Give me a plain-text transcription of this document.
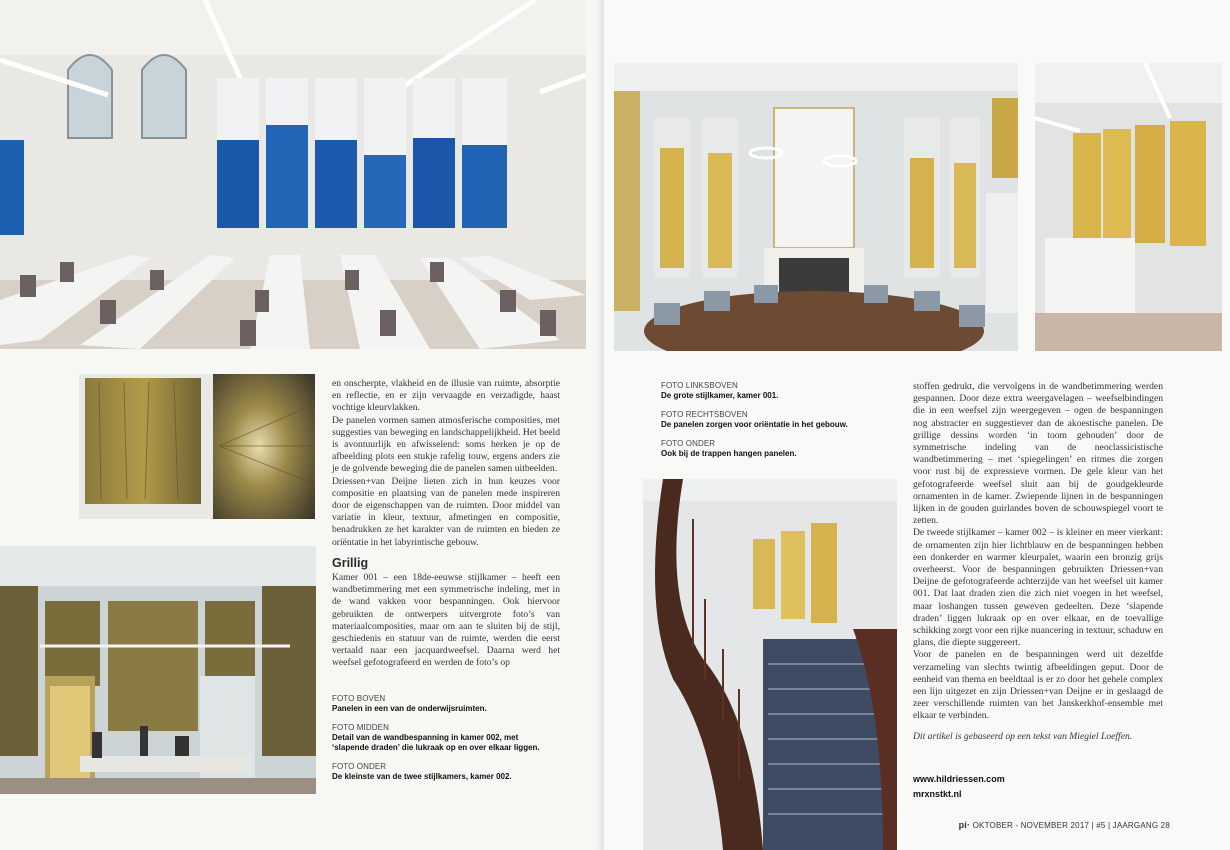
en onscherpte, vlakheid en de illusie van ruimte, absorptie en reflectie, en er zijn vervaagde en verzadigde, haast vochtige kleurvlakken.

De panelen vormen samen atmosferische composities, met suggesties van beweging en landschappelijkheid. Het beeld is avontuurlijk en afwisselend: soms herken je op de afbeelding plots een stukje rafelig touw, ergens anders zie je de golvende beweging die de panelen samen uitbeelden.

Driessen+van Deijne lieten zich in hun keuzes voor compositie en plaatsing van de panelen mede inspireren door de eigenschappen van de ruimten. Door middel van variatie in kleur, textuur, afmetingen en compositie, benadrukken ze het karakter van de ruimten en bieden ze oriëntatie in het labyrintische gebouw.

Grillig

Kamer 001 – een 18de-eeuwse stijlkamer – heeft een wandbetimmering met een symmetrische indeling, met in de wand vakken voor bespanningen. Ook hiervoor gebruikten de ontwerpers uitvergrote foto’s van materiaalcomposities, maar om aan te sluiten bij de stijl, geschiedenis en statuur van de ruimte, werden die eerst vertaald naar een jacquardweefsel. Daarna werd het weefsel gefotografeerd en werden de foto’s op

FOTO BOVEN
Panelen in een van de onderwijsruimten.
FOTO MIDDEN
Detail van de wandbespanning in kamer 002, met ‘slapende draden’ die lukraak op en over elkaar liggen.
FOTO ONDER
De kleinste van de twee stijlkamers, kamer 002.
FOTO LINKSBOVEN
De grote stijlkamer, kamer 001.
FOTO RECHTSBOVEN
De panelen zorgen voor oriëntatie in het gebouw.
FOTO ONDER
Ook bij de trappen hangen panelen.

stoffen gedrukt, die vervolgens in de wandbetimmering werden gespannen. Door deze extra weergavelagen – weefselbindingen die in een weefsel zijn weergegeven – ogen de bespanningen nog abstracter en suggestiever dan de akoestische panelen. De grillige dessins worden ‘in toom gehouden’ door de symmetrische indeling van de neoclassicistische wandbetimmering – met ‘spiegelingen’ en ritmes die zorgen voor rust bij de expressieve vormen. De gele kleur van het gefotografeerde weefsel sluit aan bij de goudgekleurde ornamenten in de kamer. Zwiepende lijnen in de bespanningen lijken in de gouden guirlandes boven de schouwspiegel voort te zetten.

De tweede stijlkamer – kamer 002 – is kleiner en meer vierkant: de ornamenten zijn hier lichtblauw en de bespanningen hebben een donkerder en warmer kleurpalet, waarin een bronzig grijs overheerst. Voor de bespanningen gebruikten Driessen+van Deijne de gefotografeerde achterzijde van het weefsel uit kamer 001. Dat laat draden zien die zich niet voegen in het weefsel, maar loshangen tussen geweven gedeelten. Deze ‘slapende draden’ liggen lukraak op en over elkaar, en de toevallige schikking zorgt voor een rijke nuancering in textuur, schaduw en glans, die diepte suggereert.

Voor de panelen en de bespanningen werd uit dezelfde verzameling van slechts twintig afbeeldingen geput. Door de eenheid van thema en beeldtaal is er zo door het gehele complex een lijn uitgezet en zijn Driessen+van Deijne er in geslaagd de zeer verschillende ruimten van het Janskerkhof-ensemble met elkaar te verbinden.

Dit artikel is gebaseerd op een tekst van Miegiel Loeffen.

www.hildriessen.com
mrxnstkt.nl
pi· OKTOBER - NOVEMBER 2017 | #5 | JAARGANG 28
